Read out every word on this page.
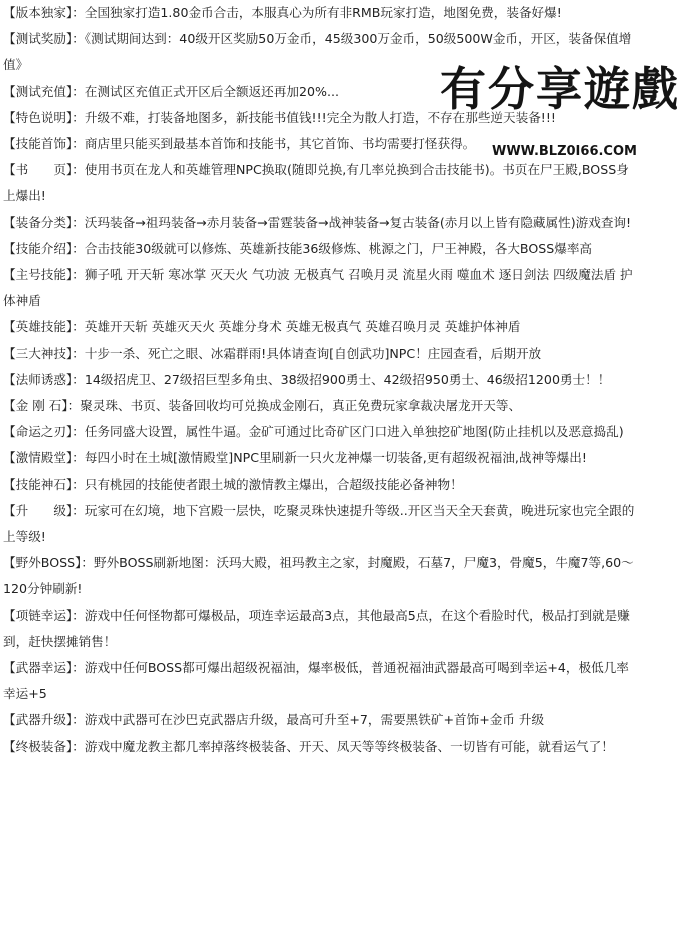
【版本独家】：全国独家打造1.80金币合击，本服真心为所有非RMB玩家打造，地图免费，装备好爆!

【测试奖励】：《测试期间达到：40级开区奖励50万金币，45级300万金币，50级500W金币，开区，装备保值增值》

【测试充值】：在测试区充值正式开区后全额返还再加20%...

【特色说明】：升级不难，打装备地图多，新技能书值钱!!!完全为散人打造，不存在那些逆天装备!!!

【技能首饰】：商店里只能买到最基本首饰和技能书，其它首饰、书均需要打怪获得。

【书　　页】：使用书页在龙人和英雄管理NPC换取(随即兑换,有几率兑换到合击技能书)。书页在尸王殿,BOSS身上爆出!

【装备分类】：沃玛装备→祖玛装备→赤月装备→雷霆装备→战神装备→复古装备(赤月以上皆有隐藏属性)游戏查询!

【技能介绍】：合击技能30级就可以修炼、英雄新技能36级修炼、桃源之门，尸王神殿，各大BOSS爆率高

【主号技能】：狮子吼 开天斩 寒冰掌 灭天火 气功波 无极真气 召唤月灵 流星火雨 噬血术 逐日剑法 四级魔法盾 护体神盾

【英雄技能】：英雄开天斩 英雄灭天火 英雄分身术 英雄无极真气 英雄召唤月灵 英雄护体神盾

【三大神技】：十步一杀、死亡之眼、冰霜群雨!具体请查询[自创武功]NPC！庄园查看，后期开放

【法师诱惑】：14级招虎卫、27级招巨型多角虫、38级招900勇士、42级招950勇士、46级招1200勇士！！

【金 刚 石】：聚灵珠、书页、装备回收均可兑换成金刚石，真正免费玩家拿裁决屠龙开天等、

【命运之刃】：任务同盛大设置，属性牛逼。金矿可通过比奇矿区门口进入单独挖矿地图(防止挂机以及恶意捣乱)

【激情殿堂】：每四小时在土城[激情殿堂]NPC里刷新一只火龙神爆一切装备,更有超级祝福油,战神等爆出!

【技能神石】：只有桃园的技能使者跟土城的激情教主爆出，合超级技能必备神物！

【升　　级】：玩家可在幻境，地下宫殿一层快，吃聚灵珠快速提升等级..开区当天全天套黄，晚进玩家也完全跟的上等级!

【野外BOSS】：野外BOSS刷新地图：沃玛大殿，祖玛教主之家，封魔殿，石墓7，尸魔3，骨魔5，牛魔7等,60～120分钟刷新!

【项链幸运】：游戏中任何怪物都可爆极品，项连幸运最高3点，其他最高5点，在这个看脸时代，极品打到就是赚到，赶快摆摊销售！

【武器幸运】：游戏中任何BOSS都可爆出超级祝福油，爆率极低，普通祝福油武器最高可喝到幸运+4，极低几率幸运+5

【武器升级】：游戏中武器可在沙巴克武器店升级，最高可升至+7，需要黑铁矿+首饰+金币 升级

【终极装备】：游戏中魔龙教主都几率掉落终极装备、开天、凤天等等终极装备、一切皆有可能，就看运气了！

有分享遊戲
WWW.BLZ0I66.COM
